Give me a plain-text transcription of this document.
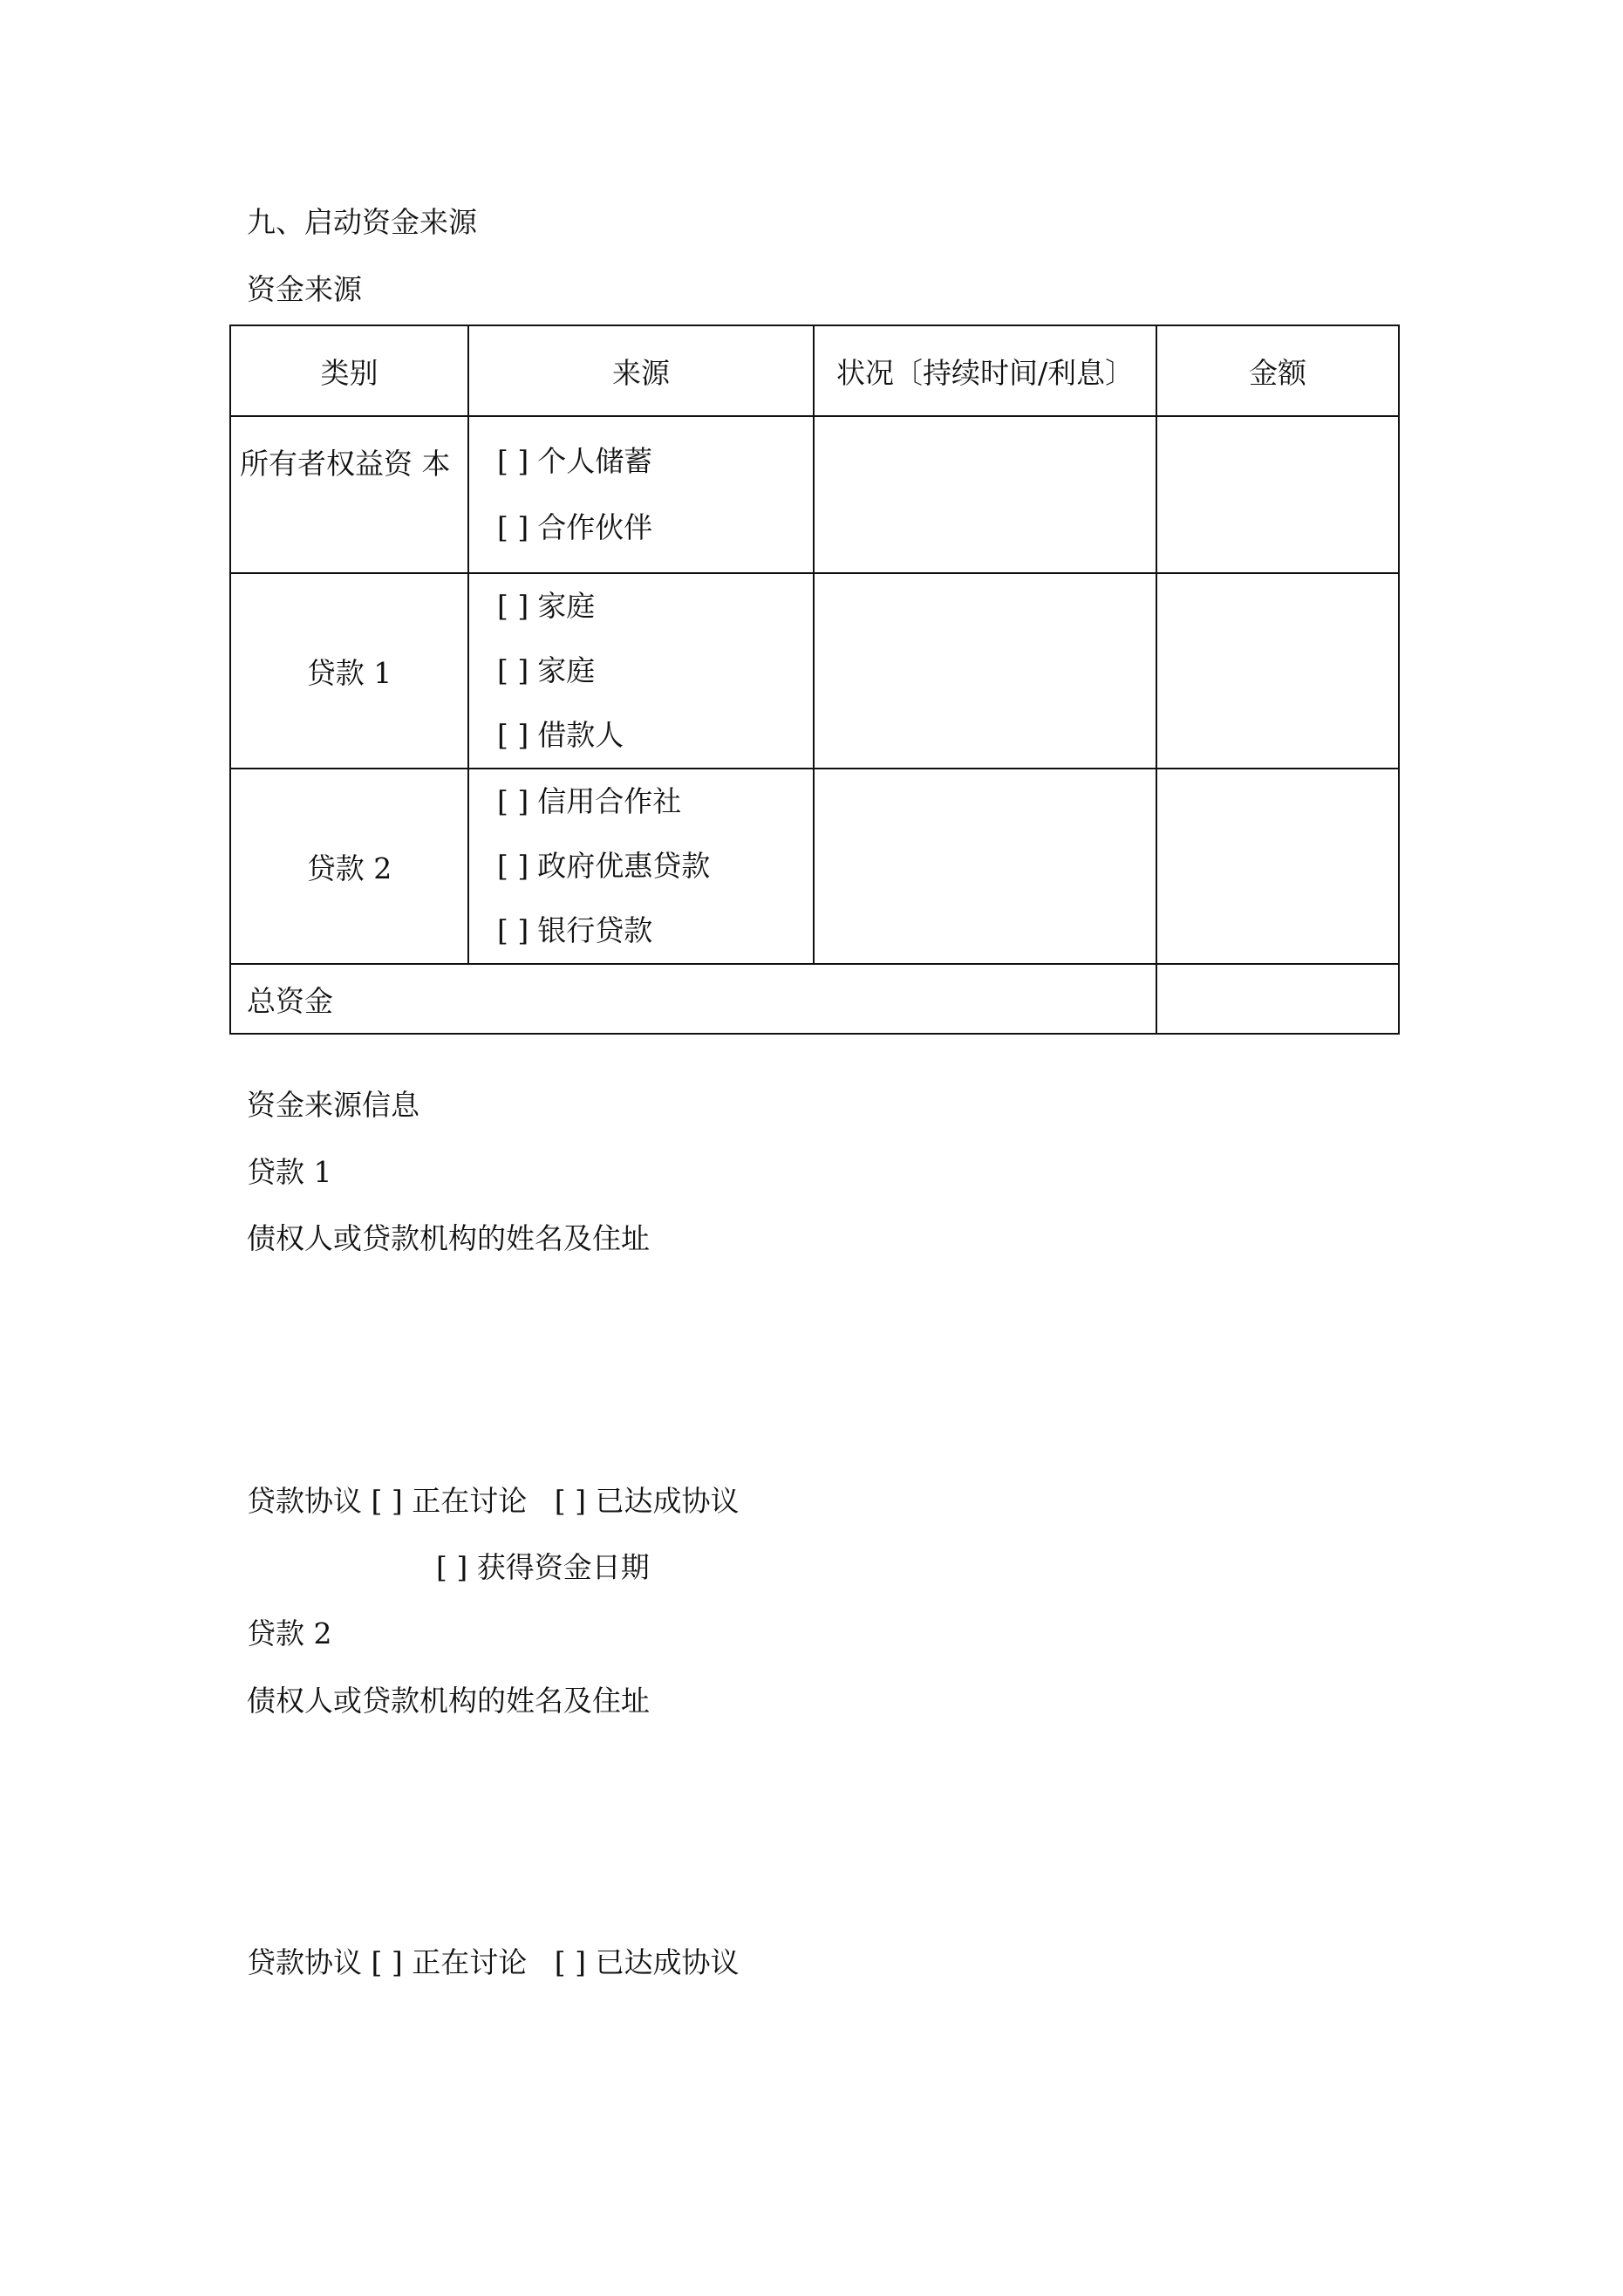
九、启动资金来源
资金来源
类别	来源	状况〔持续时间/利息〕	金额
所有者权益资 本	[ ] 个人储蓄
[ ] 合作伙伴		

贷款 1	[ ] 家庭
[ ] 家庭
[ ] 借款人		

贷款 2	[ ] 信用合作社
[ ] 政府优惠贷款
[ ] 银行贷款		

总资金			
资金来源信息
贷款 1
债权人或贷款机构的姓名及住址
贷款协议 [ ] 正在讨论 [ ] 已达成协议
[ ] 获得资金日期
贷款 2
债权人或贷款机构的姓名及住址
贷款协议 [ ] 正在讨论 [ ] 已达成协议
